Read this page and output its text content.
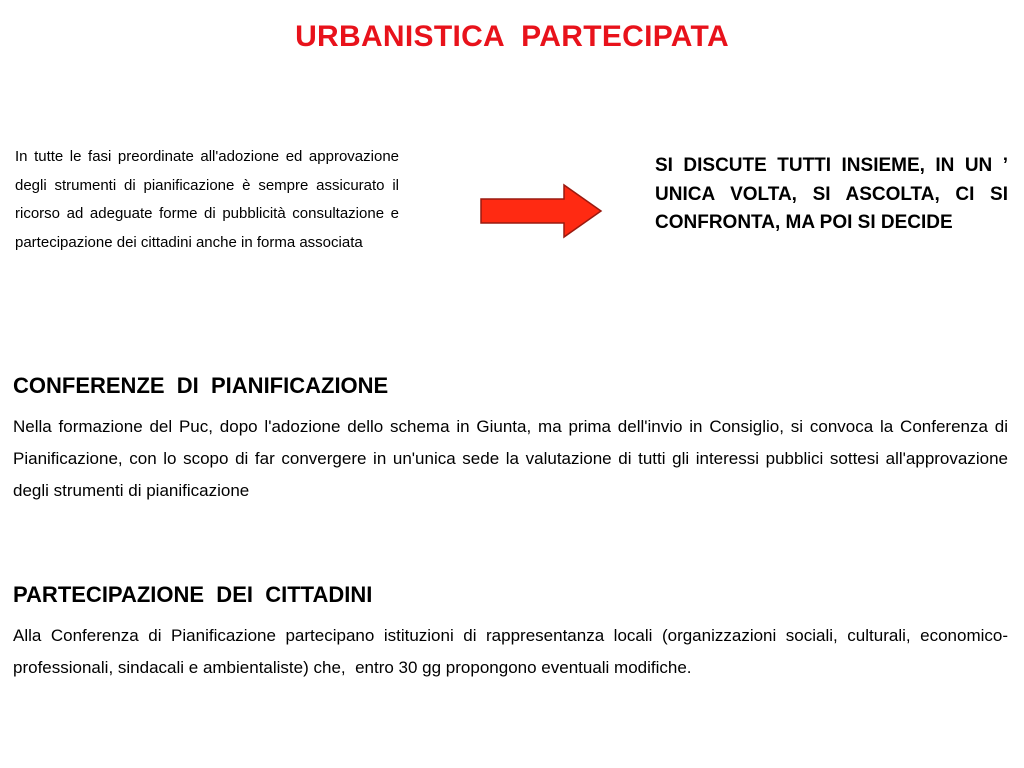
URBANISTICA  PARTECIPATA
In tutte le fasi preordinate all'adozione ed approvazione degli strumenti di pianificazione è sempre assicurato il ricorso ad adeguate forme di pubblicità consultazione e partecipazione dei cittadini anche in forma associata
SI DISCUTE TUTTI INSIEME, IN UN ’ UNICA VOLTA, SI ASCOLTA, CI SI CONFRONTA, MA POI SI DECIDE
CONFERENZE  DI  PIANIFICAZIONE
Nella formazione del Puc, dopo l'adozione dello schema in Giunta, ma prima dell'invio in Consiglio, si convoca la Conferenza di Pianificazione, con lo scopo di far convergere in un'unica sede la valutazione di tutti gli interessi pubblici sottesi all'approvazione degli strumenti di pianificazione
PARTECIPAZIONE  DEI  CITTADINI
Alla Conferenza di Pianificazione partecipano istituzioni di rappresentanza locali (organizzazioni sociali, culturali, economico-professionali, sindacali e ambientaliste) che,  entro 30 gg propongono eventuali modifiche.
